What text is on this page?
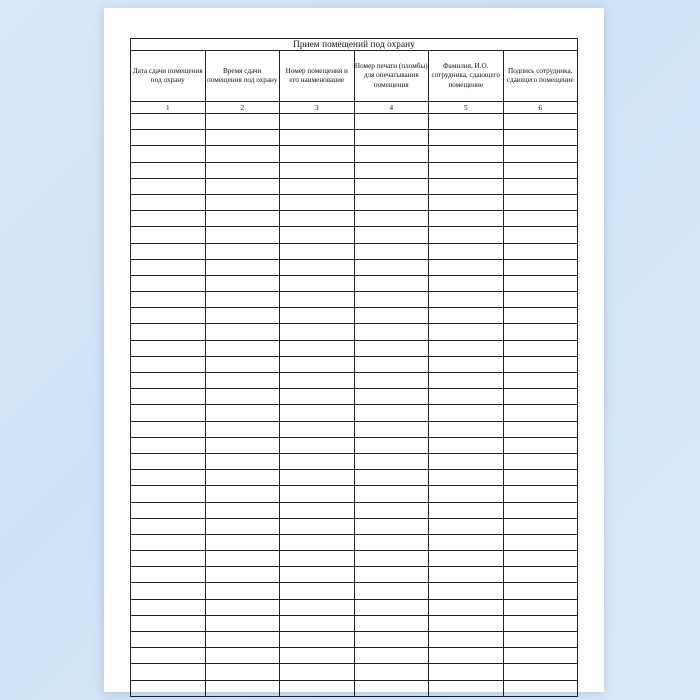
Прием помещений под охрану					
Дата сдачи помещения под охрану	Время сдачи помещения под охрану	Номер помещения и его наименование	Номер печати (пломбы) для опечатывания помещения	Фамилия, И.О. сотрудника, сдающего помещение	Подпись сотрудника, сдающего помещение
1	2	3	4	5	6
